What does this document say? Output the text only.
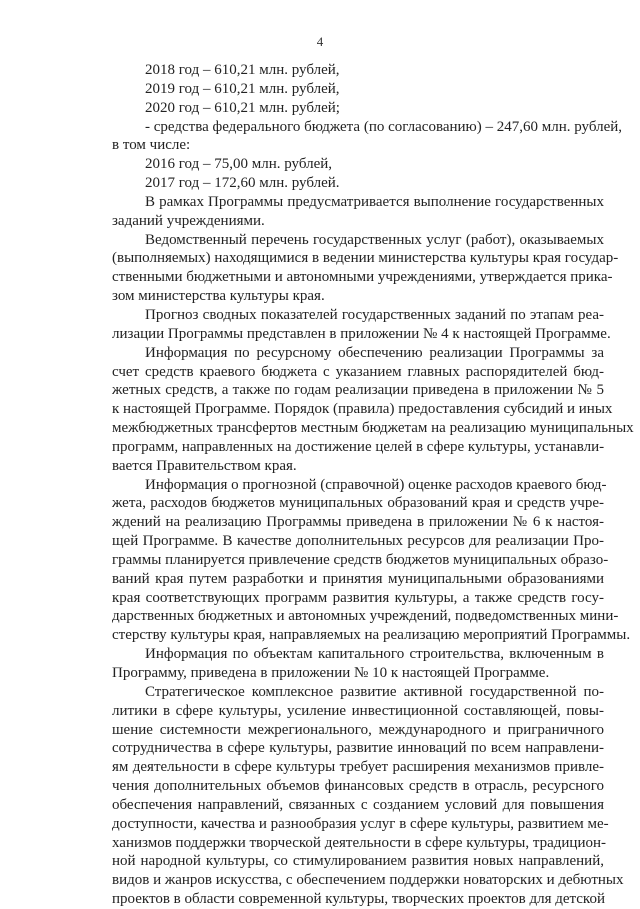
4
2018 год – 610,21 млн. рублей,
2019 год – 610,21 млн. рублей,
2020 год – 610,21 млн. рублей;
- средства федерального бюджета (по согласованию) – 247,60 млн. рублей,
в том числе:
2016 год – 75,00 млн. рублей,
2017 год – 172,60 млн. рублей.
В рамках Программы предусматривается выполнение государственных
заданий учреждениями.
Ведомственный перечень государственных услуг (работ), оказываемых
(выполняемых) находящимися в ведении министерства культуры края государ-
ственными бюджетными и автономными учреждениями, утверждается прика-
зом министерства культуры края.
Прогноз сводных показателей государственных заданий по этапам реа-
лизации Программы представлен в приложении № 4 к настоящей Программе.
Информация по ресурсному обеспечению реализации Программы за
счет средств краевого бюджета с указанием главных распорядителей бюд-
жетных средств, а также по годам реализации приведена в приложении № 5
к настоящей Программе. Порядок (правила) предоставления субсидий и иных
межбюджетных трансфертов местным бюджетам на реализацию муниципальных
программ, направленных на достижение целей в сфере культуры, устанавли-
вается Правительством края.
Информация о прогнозной (справочной) оценке расходов краевого бюд-
жета, расходов бюджетов муниципальных образований края и средств учре-
ждений на реализацию Программы приведена в приложении № 6 к настоя-
щей Программе. В качестве дополнительных ресурсов для реализации Про-
граммы планируется привлечение средств бюджетов муниципальных образо-
ваний края путем разработки и принятия муниципальными образованиями
края соответствующих программ развития культуры, а также средств госу-
дарственных бюджетных и автономных учреждений, подведомственных мини-
стерству культуры края, направляемых на реализацию мероприятий Программы.
Информация по объектам капитального строительства, включенным в
Программу, приведена в приложении № 10 к настоящей Программе.
Стратегическое комплексное развитие активной государственной по-
литики в сфере культуры, усиление инвестиционной составляющей, повы-
шение системности межрегионального, международного и приграничного
сотрудничества в сфере культуры, развитие инноваций по всем направлени-
ям деятельности в сфере культуры требует расширения механизмов привле-
чения дополнительных объемов финансовых средств в отрасль, ресурсного
обеспечения направлений, связанных с созданием условий для повышения
доступности, качества и разнообразия услуг в сфере культуры, развитием ме-
ханизмов поддержки творческой деятельности в сфере культуры, традицион-
ной народной культуры, со стимулированием развития новых направлений,
видов и жанров искусства, с обеспечением поддержки новаторских и дебютных
проектов в области современной культуры, творческих проектов для детской
